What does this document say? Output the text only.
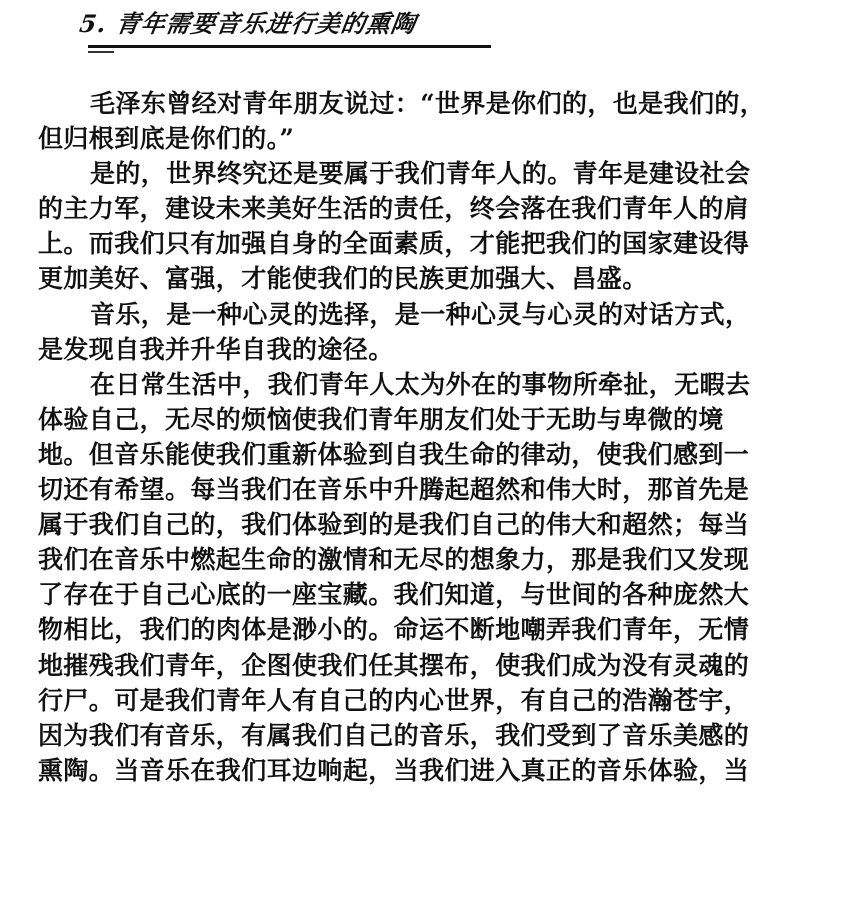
5. 青年需要音乐进行美的熏陶
毛泽东曾经对青年朋友说过：“世界是你们的，也是我们的，
但归根到底是你们的。”
是的，世界终究还是要属于我们青年人的。青年是建设社会
的主力军，建设未来美好生活的责任，终会落在我们青年人的肩
上。而我们只有加强自身的全面素质，才能把我们的国家建设得
更加美好、富强，才能使我们的民族更加强大、昌盛。
音乐，是一种心灵的选择，是一种心灵与心灵的对话方式，
是发现自我并升华自我的途径。
在日常生活中，我们青年人太为外在的事物所牵扯，无暇去
体验自己，无尽的烦恼使我们青年朋友们处于无助与卑微的境
地。但音乐能使我们重新体验到自我生命的律动，使我们感到一
切还有希望。每当我们在音乐中升腾起超然和伟大时，那首先是
属于我们自己的，我们体验到的是我们自己的伟大和超然；每当
我们在音乐中燃起生命的激情和无尽的想象力，那是我们又发现
了存在于自己心底的一座宝藏。我们知道，与世间的各种庞然大
物相比，我们的肉体是渺小的。命运不断地嘲弄我们青年，无情
地摧残我们青年，企图使我们任其摆布，使我们成为没有灵魂的
行尸。可是我们青年人有自己的内心世界，有自己的浩瀚苍宇，
因为我们有音乐，有属我们自己的音乐，我们受到了音乐美感的
熏陶。当音乐在我们耳边响起，当我们进入真正的音乐体验，当
